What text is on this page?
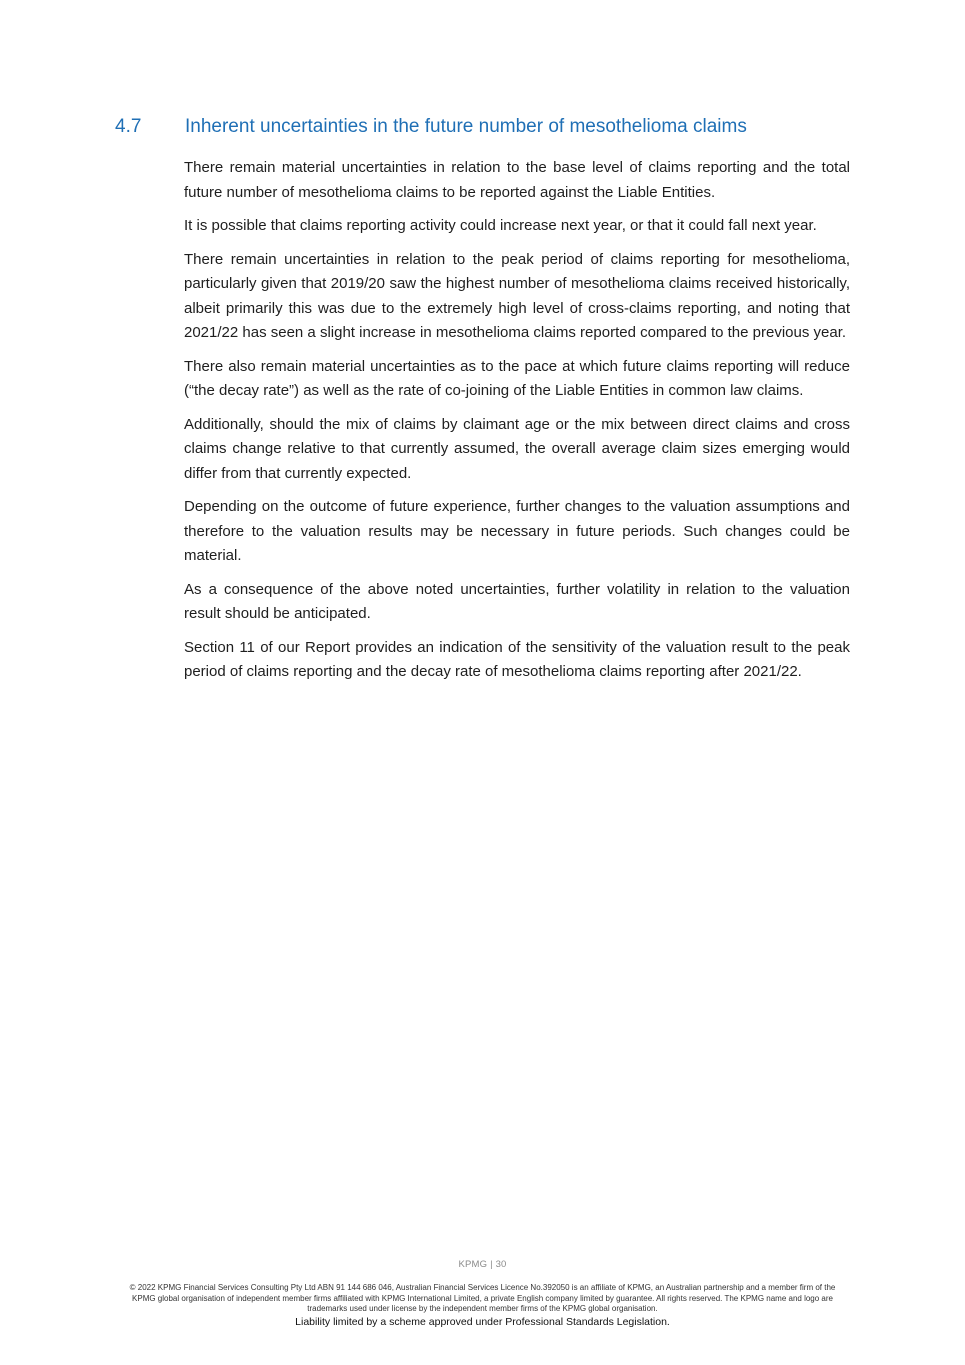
4.7	Inherent uncertainties in the future number of mesothelioma claims

There remain material uncertainties in relation to the base level of claims reporting and the total future number of mesothelioma claims to be reported against the Liable Entities.

It is possible that claims reporting activity could increase next year, or that it could fall next year.

There remain uncertainties in relation to the peak period of claims reporting for mesothelioma, particularly given that 2019/20 saw the highest number of mesothelioma claims received historically, albeit primarily this was due to the extremely high level of cross-claims reporting, and noting that 2021/22 has seen a slight increase in mesothelioma claims reported compared to the previous year.

There also remain material uncertainties as to the pace at which future claims reporting will reduce (“the decay rate”) as well as the rate of co-joining of the Liable Entities in common law claims.

Additionally, should the mix of claims by claimant age or the mix between direct claims and cross claims change relative to that currently assumed, the overall average claim sizes emerging would differ from that currently expected.

Depending on the outcome of future experience, further changes to the valuation assumptions and therefore to the valuation results may be necessary in future periods. Such changes could be material.

As a consequence of the above noted uncertainties, further volatility in relation to the valuation result should be anticipated.

Section 11 of our Report provides an indication of the sensitivity of the valuation result to the peak period of claims reporting and the decay rate of mesothelioma claims reporting after 2021/22.

KPMG | 30
© 2022 KPMG Financial Services Consulting Pty Ltd ABN 91 144 686 046, Australian Financial Services Licence No.392050 is an affiliate of KPMG, an Australian partnership and a member firm of the KPMG global organisation of independent member firms affiliated with KPMG International Limited, a private English company limited by guarantee. All rights reserved. The KPMG name and logo are trademarks used under license by the independent member firms of the KPMG global organisation.
Liability limited by a scheme approved under Professional Standards Legislation.
